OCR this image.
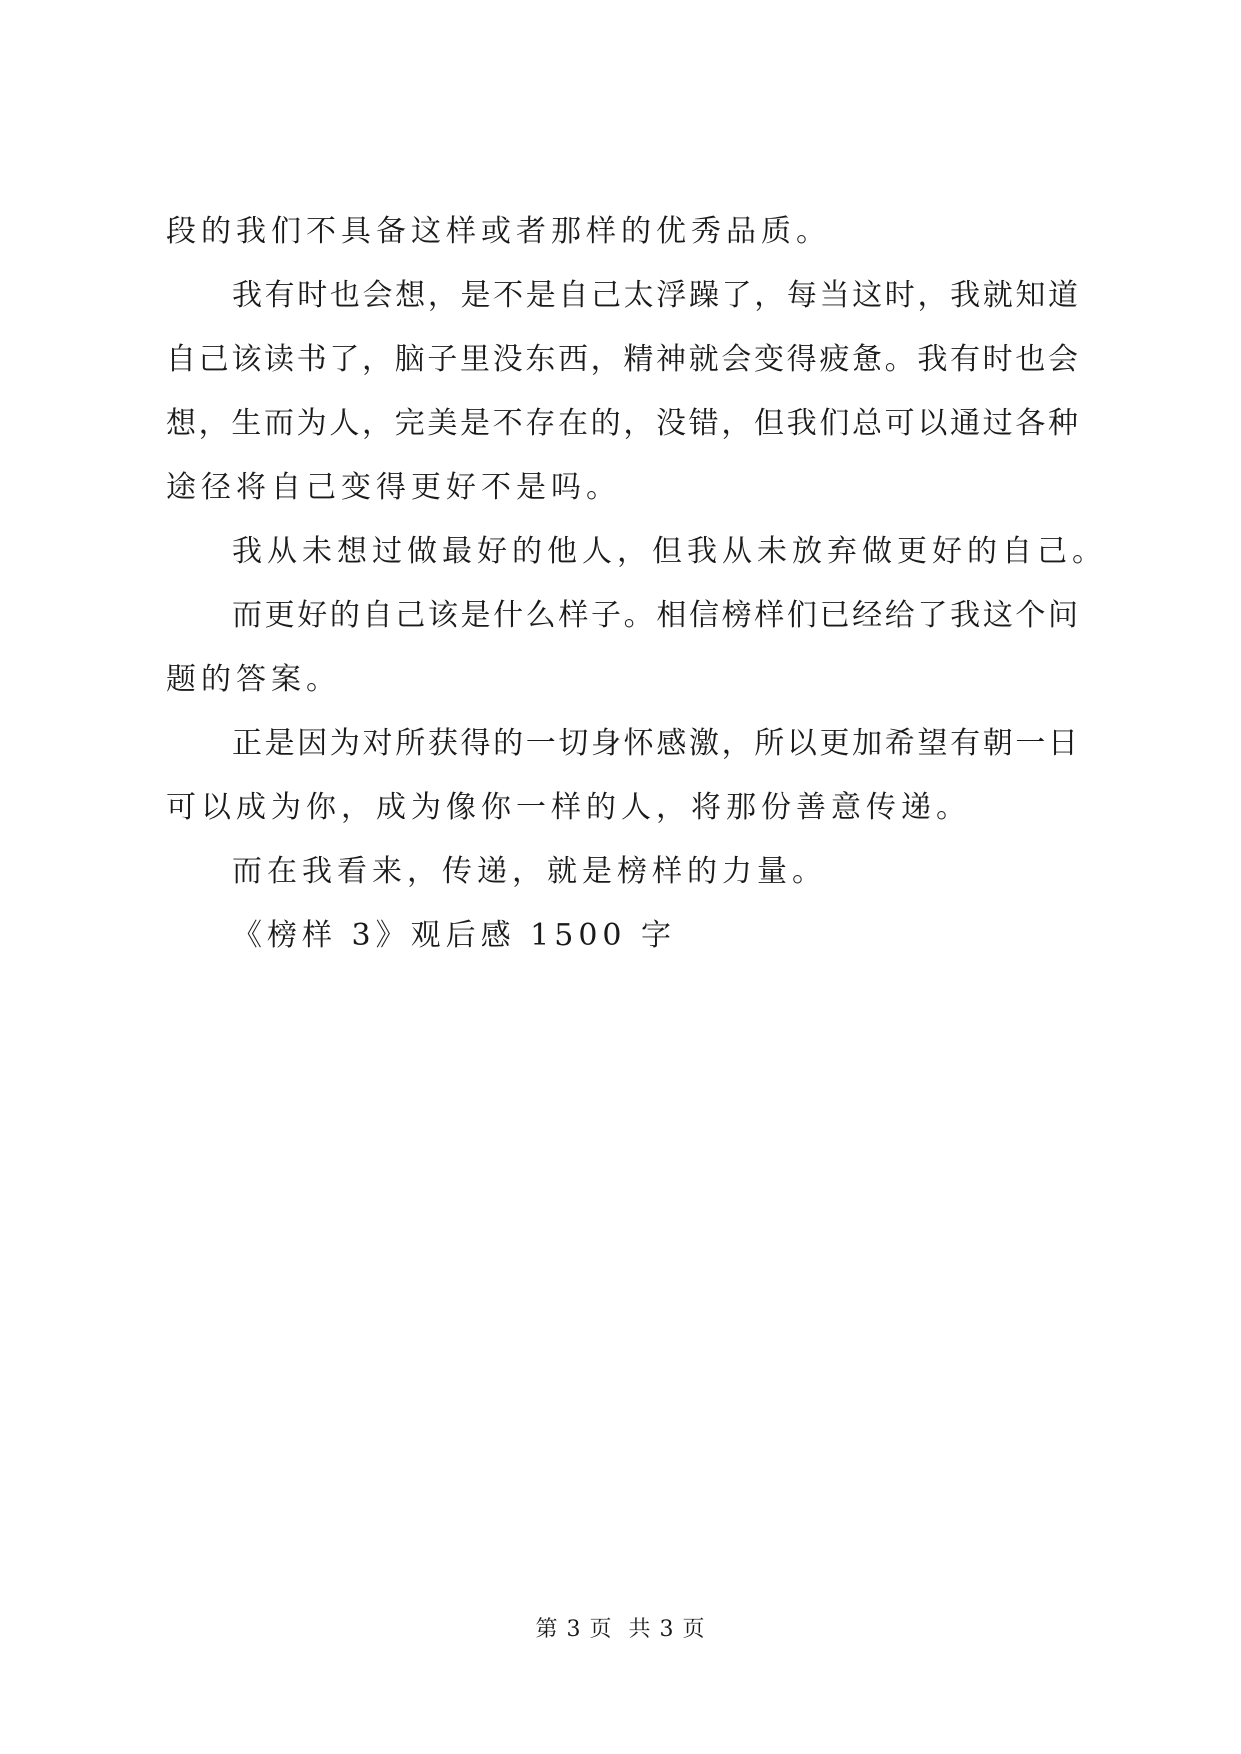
段的我们不具备这样或者那样的优秀品质。
我有时也会想，是不是自己太浮躁了，每当这时，我就知道
自己该读书了，脑子里没东西，精神就会变得疲惫。我有时也会
想，生而为人，完美是不存在的，没错，但我们总可以通过各种
途径将自己变得更好不是吗。
我从未想过做最好的他人，但我从未放弃做更好的自己。
而更好的自己该是什么样子。相信榜样们已经给了我这个问
题的答案。
正是因为对所获得的一切身怀感激，所以更加希望有朝一日
可以成为你，成为像你一样的人，将那份善意传递。
而在我看来，传递，就是榜样的力量。
《榜样 3》观后感 1500 字
第 3 页  共 3 页
